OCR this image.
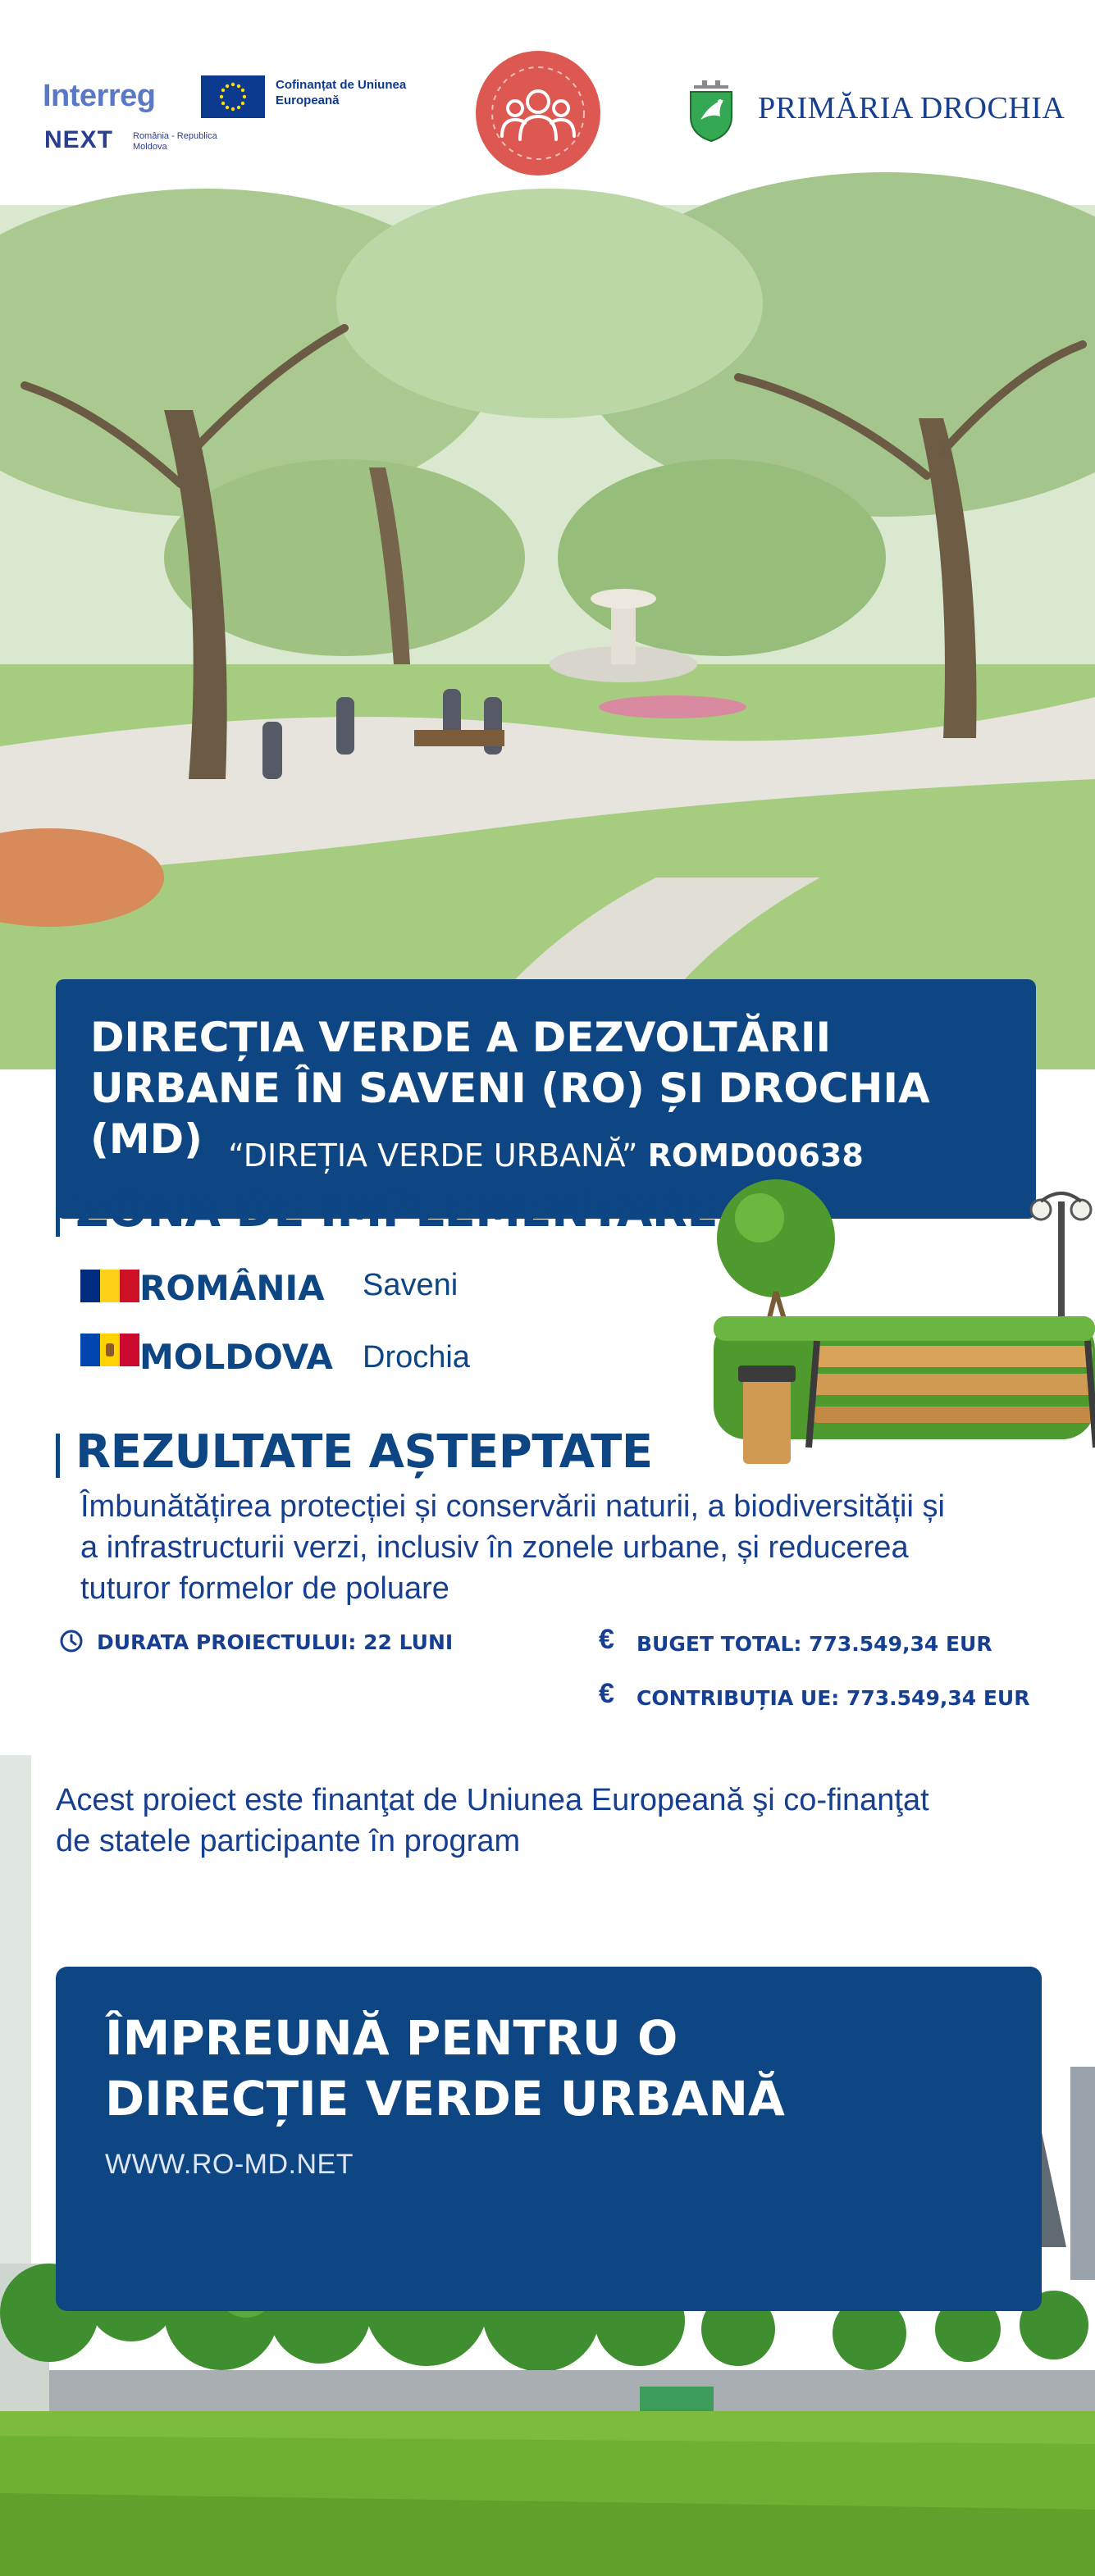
Interreg
NEXT România - Republica Moldova
Cofinanțat de Uniunea Europeană	PRIMĂRIA DROCHIA
DIRECȚIA VERDE A DEZVOLTĂRII URBANE ÎN SAVENI (RO) ȘI DROCHIA (MD) “DIREȚIA VERDE URBANĂ” ROMD00638
ZONA DE IMPLEMENTARE
ROMÂNIA Saveni
MOLDOVA Drochia
REZULTATE AȘTEPTATE
Îmbunătățirea protecției și conservării naturii, a biodiversității și a infrastructurii verzi, inclusiv în zonele urbane, și reducerea tuturor formelor de poluare
DURATA PROIECTULUI: 22 LUNI	€ BUGET TOTAL: 773.549,34 EUR
€ CONTRIBUȚIA UE: 773.549,34 EUR
ÎMPREUNĂ PENTRU O DIRECȚIE VERDE URBANĂ
WWW.RO-MD.NET
Acest proiect este finanţat de Uniunea Europeană şi co-finanţat de statele participante în program
